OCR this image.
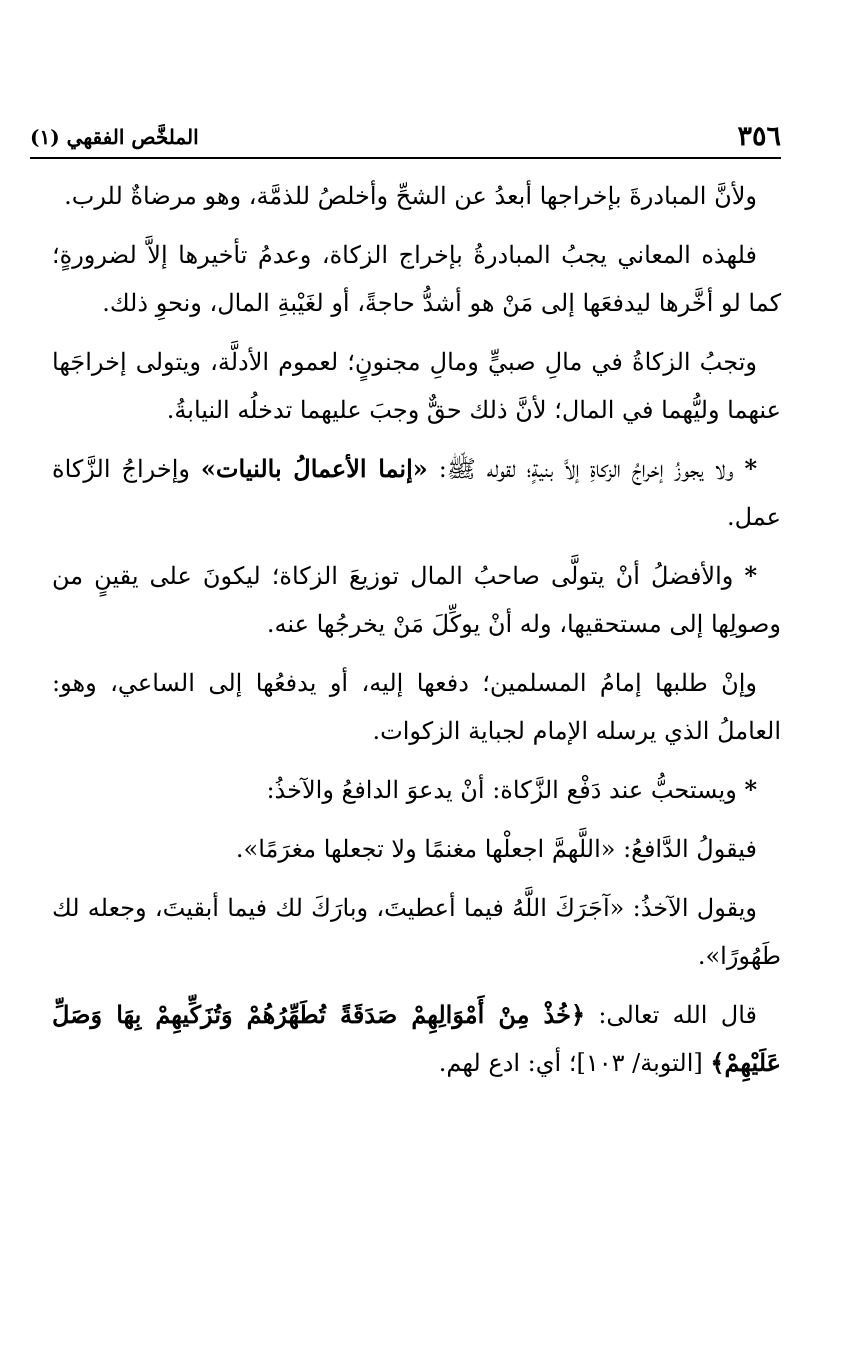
٣٥٦
الملخَّص الفقهي (١)

ولأنَّ المبادرةَ بإخراجها أبعدُ عن الشحِّ وأخلصُ للذمَّة، وهو مرضاةٌ للرب.

فلهذه المعاني يجبُ المبادرةُ بإخراج الزكاة، وعدمُ تأخيرها إلاَّ لضرورةٍ؛ كما لو أخَّرها ليدفعَها إلى مَنْ هو أشدُّ حاجةً، أو لغَيْبةِ المال، ونحوِ ذلك.

وتجبُ الزكاةُ في مالِ صبيٍّ ومالِ مجنونٍ؛ لعموم الأدلَّة، ويتولى إخراجَها عنهما وليُّهما في المال؛ لأنَّ ذلك حقٌّ وجبَ عليهما تدخلُه النيابةُ.

* ولا يجوزُ إخراجُ الزكاةِ إلاَّ بنيةٍ؛ لقوله ﷺ: «إنما الأعمالُ بالنيات» وإخراجُ الزَّكاة عمل.

* والأفضلُ أنْ يتولَّى صاحبُ المال توزيعَ الزكاة؛ ليكونَ على يقينٍ من وصولِها إلى مستحقيها، وله أنْ يوكِّلَ مَنْ يخرجُها عنه.

وإنْ طلبها إمامُ المسلمين؛ دفعها إليه، أو يدفعُها إلى الساعي، وهو: العاملُ الذي يرسله الإمام لجباية الزكوات.

* ويستحبُّ عند دَفْع الزَّكاة: أنْ يدعوَ الدافعُ والآخذُ:

فيقولُ الدَّافعُ: «اللَّهمَّ اجعلْها مغنمًا ولا تجعلها مغرَمًا».

ويقول الآخذُ: «آجَرَكَ اللَّهُ فيما أعطيتَ، وبارَكَ لك فيما أبقيتَ، وجعله لك طَهُورًا».

قال الله تعالى: ﴿خُذْ مِنْ أَمْوَالِهِمْ صَدَقَةً تُطَهِّرُهُمْ وَتُزَكِّيهِمْ بِهَا وَصَلِّ عَلَيْهِمْ﴾ [التوبة/ ١٠٣]؛ أي: ادع لهم.
